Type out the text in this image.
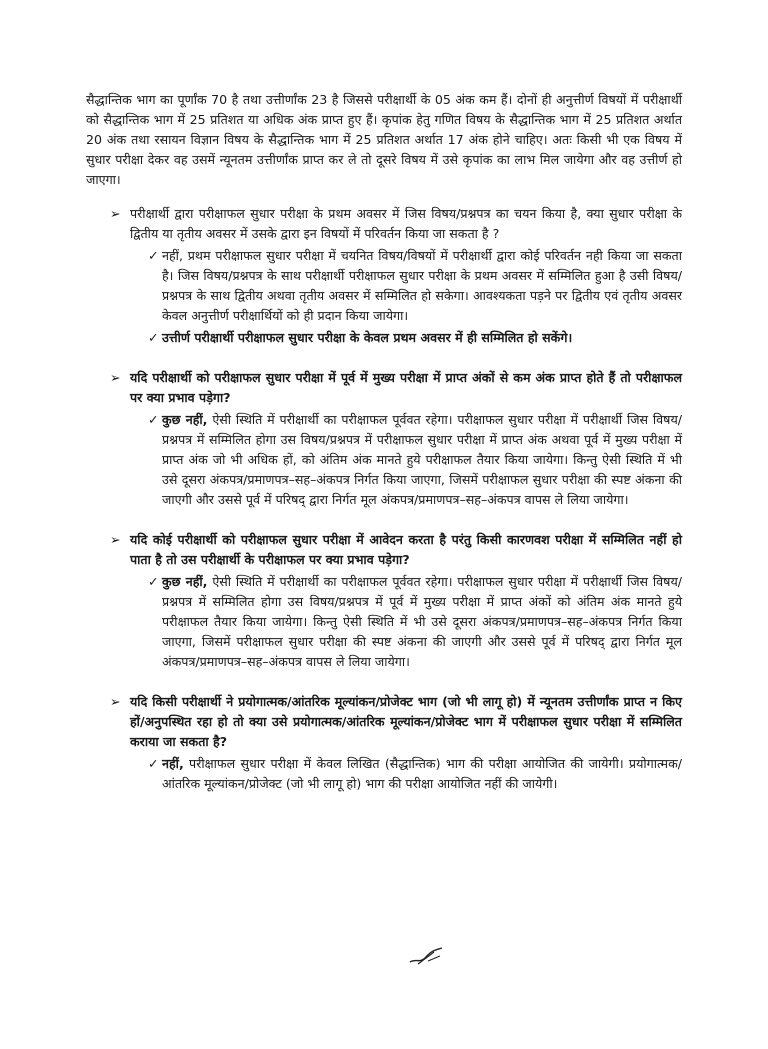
सैद्धान्तिक भाग का पूर्णांक 70 है तथा उत्तीर्णांक 23 है जिससे परीक्षार्थी के 05 अंक कम हैं। दोनों ही अनुत्तीर्ण विषयों में परीक्षार्थी को सैद्धान्तिक भाग में 25 प्रतिशत या अधिक अंक प्राप्त हुए हैं। कृपांक हेतु गणित विषय के सैद्धान्तिक भाग में 25 प्रतिशत अर्थात 20 अंक तथा रसायन विज्ञान विषय के सैद्धान्तिक भाग में 25 प्रतिशत अर्थात 17 अंक होने चाहिए। अतः किसी भी एक विषय में सुधार परीक्षा देकर वह उसमें न्यूनतम उत्तीर्णांक प्राप्त कर ले तो दूसरे विषय में उसे कृपांक का लाभ मिल जायेगा और वह उत्तीर्ण हो जाएगा।

➢ परीक्षार्थी द्वारा परीक्षाफल सुधार परीक्षा के प्रथम अवसर में जिस विषय/प्रश्नपत्र का चयन किया है, क्या सुधार परीक्षा के द्वितीय या तृतीय अवसर में उसके द्वारा इन विषयों में परिवर्तन किया जा सकता है ?
✓ नहीं, प्रथम परीक्षाफल सुधार परीक्षा में चयनित विषय/विषयों में परीक्षार्थी द्वारा कोई परिवर्तन नही किया जा सकता है। जिस विषय/प्रश्नपत्र के साथ परीक्षार्थी परीक्षाफल सुधार परीक्षा के प्रथम अवसर में सम्मिलित हुआ है उसी विषय/प्रश्नपत्र के साथ द्वितीय अथवा तृतीय अवसर में सम्मिलित हो सकेगा। आवश्यकता पड़ने पर द्वितीय एवं तृतीय अवसर केवल अनुत्तीर्ण परीक्षार्थियों को ही प्रदान किया जायेगा।
✓ उत्तीर्ण परीक्षार्थी परीक्षाफल सुधार परीक्षा के केवल प्रथम अवसर में ही सम्मिलित हो सकेंगे।
➢ यदि परीक्षार्थी को परीक्षाफल सुधार परीक्षा में पूर्व में मुख्य परीक्षा में प्राप्त अंकों से कम अंक प्राप्त होते हैं तो परीक्षाफल पर क्या प्रभाव पड़ेगा?
✓ कुछ नहीं, ऐसी स्थिति में परीक्षार्थी का परीक्षाफल पूर्ववत रहेगा। परीक्षाफल सुधार परीक्षा में परीक्षार्थी जिस विषय/प्रश्नपत्र में सम्मिलित होगा उस विषय/प्रश्नपत्र में परीक्षाफल सुधार परीक्षा में प्राप्त अंक अथवा पूर्व में मुख्य परीक्षा में प्राप्त अंक जो भी अधिक हों, को अंतिम अंक मानते हुये परीक्षाफल तैयार किया जायेगा। किन्तु ऐसी स्थिति में भी उसे दूसरा अंकपत्र/प्रमाणपत्र–सह–अंकपत्र निर्गत किया जाएगा, जिसमें परीक्षाफल सुधार परीक्षा की स्पष्ट अंकना की जाएगी और उससे पूर्व में परिषद् द्वारा निर्गत मूल अंकपत्र/प्रमाणपत्र–सह–अंकपत्र वापस ले लिया जायेगा।
➢ यदि कोई परीक्षार्थी को परीक्षाफल सुधार परीक्षा में आवेदन करता है परंतु किसी कारणवश परीक्षा में सम्मिलित नहीं हो पाता है तो उस परीक्षार्थी के परीक्षाफल पर क्या प्रभाव पड़ेगा?
✓ कुछ नहीं, ऐसी स्थिति में परीक्षार्थी का परीक्षाफल पूर्ववत रहेगा। परीक्षाफल सुधार परीक्षा में परीक्षार्थी जिस विषय/प्रश्नपत्र में सम्मिलित होगा उस विषय/प्रश्नपत्र में पूर्व में मुख्य परीक्षा में प्राप्त अंकों को अंतिम अंक मानते हुये परीक्षाफल तैयार किया जायेगा। किन्तु ऐसी स्थिति में भी उसे दूसरा अंकपत्र/प्रमाणपत्र–सह–अंकपत्र निर्गत किया जाएगा, जिसमें परीक्षाफल सुधार परीक्षा की स्पष्ट अंकना की जाएगी और उससे पूर्व में परिषद् द्वारा निर्गत मूल अंकपत्र/प्रमाणपत्र–सह–अंकपत्र वापस ले लिया जायेगा।
➢ यदि किसी परीक्षार्थी ने प्रयोगात्मक/आंतरिक मूल्यांकन/प्रोजेक्ट भाग (जो भी लागू हो) में न्यूनतम उत्तीर्णांक प्राप्त न किए हों/अनुपस्थित रहा हो तो क्या उसे प्रयोगात्मक/आंतरिक मूल्यांकन/प्रोजेक्ट भाग में परीक्षाफल सुधार परीक्षा में सम्मिलित कराया जा सकता है?
✓ नहीं, परीक्षाफल सुधार परीक्षा में केवल लिखित (सैद्धान्तिक) भाग की परीक्षा आयोजित की जायेगी। प्रयोगात्मक/आंतरिक मूल्यांकन/प्रोजेक्ट (जो भी लागू हो) भाग की परीक्षा आयोजित नहीं की जायेगी।
